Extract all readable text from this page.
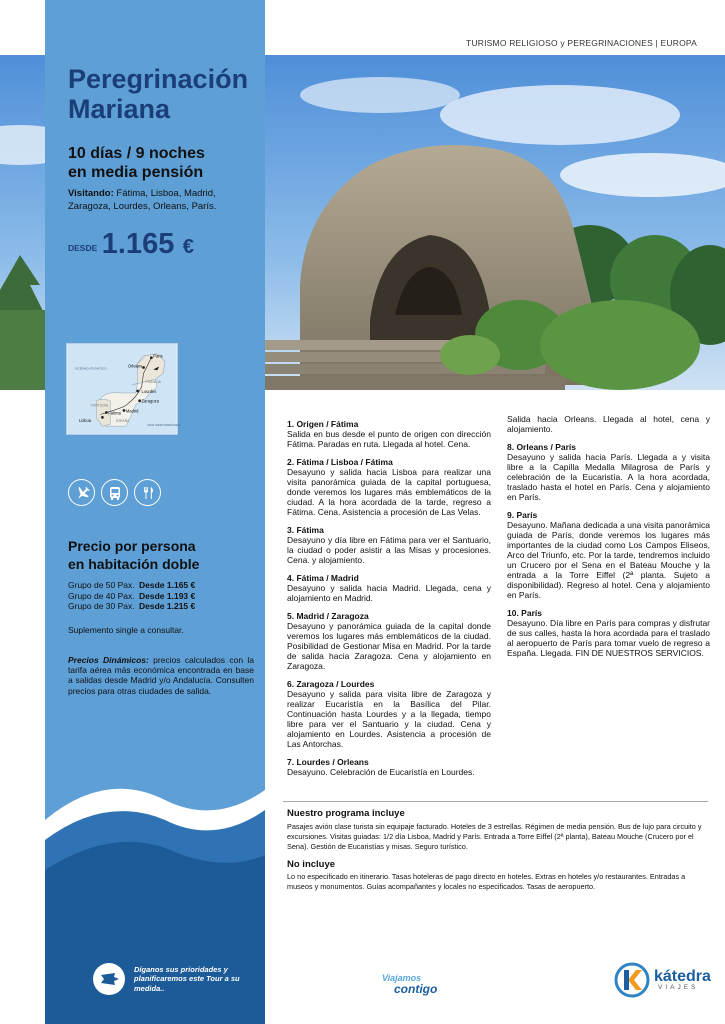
TURISMO RELIGIOSO y PEREGRINACIONES | EUROPA
Peregrinación
Mariana
10 días / 9 noches
en media pensión
Visitando: Fátima, Lisboa, Madrid, Zaragoza, Lourdes, Orleans, París.
DESDE 1.165 €
Paris
Orleans
OCÉANO ATLÁNTICO
FRANCIA
Lourdes
Zaragoza
PORTUGAL
Madrid
ESPAÑA
Lisboa
Fátima
MAR MEDITERRÁNEO
Precio por persona
en habitación doble
Grupo de 50 Pax. Desde 1.165 €
Grupo de 40 Pax. Desde 1.193 €
Grupo de 30 Pax. Desde 1.215 €
Suplemento single a consultar.
Precios Dinámicos: precios calculados con la tarifa aérea más económica encontrada en base a salidas desde Madrid y/o Andalucía. Consulten precios para otras ciudades de salida.
Díganos sus prioridades y planificaremos este Tour a su medida..
1. Origen / Fátima
Salida en bus desde el punto de origen con dirección Fátima. Paradas en ruta. Llegada al hotel. Cena.
2. Fátima / Lisboa / Fátima
Desayuno y salida hacia Lisboa para realizar una visita panorámica guiada de la capital portuguesa, donde veremos los lugares más emblemáticos de la ciudad. A la hora acordada de la tarde, regreso a Fátima. Cena. Asistencia a procesión de Las Velas.
3. Fátima
Desayuno y día libre en Fátima para ver el Santuario, la ciudad o poder asistir a las Misas y procesiones. Cena. y alojamiento.
4. Fátima / Madrid
Desayuno y salida hacia Madrid. Llegada, cena y alojamiento en Madrid.
5. Madrid / Zaragoza
Desayuno y panorámica guiada de la capital donde veremos los lugares más emblemáticos de la ciudad. Posibilidad de Gestionar Misa en Madrid. Por la tarde de salida hacia Zaragoza. Cena y alojamiento en Zaragoza.
6. Zaragoza / Lourdes
Desayuno y salida para visita libre de Zaragoza y realizar Eucaristía en la Basílica del Pilar. Continuación hasta Lourdes y a la llegada, tiempo libre para ver el Santuario y la ciudad. Cena y alojamiento en Lourdes. Asistencia a procesión de Las Antorchas.
7. Lourdes / Orleans
Desayuno. Celebración de Eucaristía en Lourdes.
Salida hacia Orleans. Llegada al hotel, cena y alojamiento.
8. Orleans / París
Desayuno y salida hacia París. Llegada a y visita libre a la Capilla Medalla Milagrosa de París y celebración de la Eucaristía. A la hora acordada, traslado hasta el hotel en París. Cena y alojamiento en París.
9. París
Desayuno. Mañana dedicada a una visita panorámica guiada de París, donde veremos los lugares más importantes de la ciudad como Los Campos Eliseos, Arco del Triunfo, etc. Por la tarde, tendremos incluido un Crucero por el Sena en el Bateau Mouche y la entrada a la Torre Eiffel (2ª planta. Sujeto a disponibilidad). Regreso al hotel. Cena y alojamiento en París.
10. París
Desayuno. Día libre en París para compras y disfrutar de sus calles, hasta la hora acordada para el traslado al aeropuerto de París para tomar vuelo de regreso a España. Llegada. FIN DE NUESTROS SERVICIOS.
Nuestro programa incluye
Pasajes avión clase turista sin equipaje facturado. Hoteles de 3 estrellas. Régimen de media pensión. Bus de lujo para circuito y excursiones. Visitas guiadas: 1/2 día Lisboa, Madrid y París. Entrada a Torre Eiffel (2ª planta), Bateau Mouche (Crucero por el Sena). Gestión de Eucaristías y misas. Seguro turístico.
No incluye
Lo no especificado en itinerario. Tasas hoteleras de pago directo en hoteles. Extras en hoteles y/o restaurantes. Entradas a museos y monumentos. Guías acompañantes y locales no especificados. Tasas de aeropuerto.
Viajamos
contigo
kátedra
VIAJES
